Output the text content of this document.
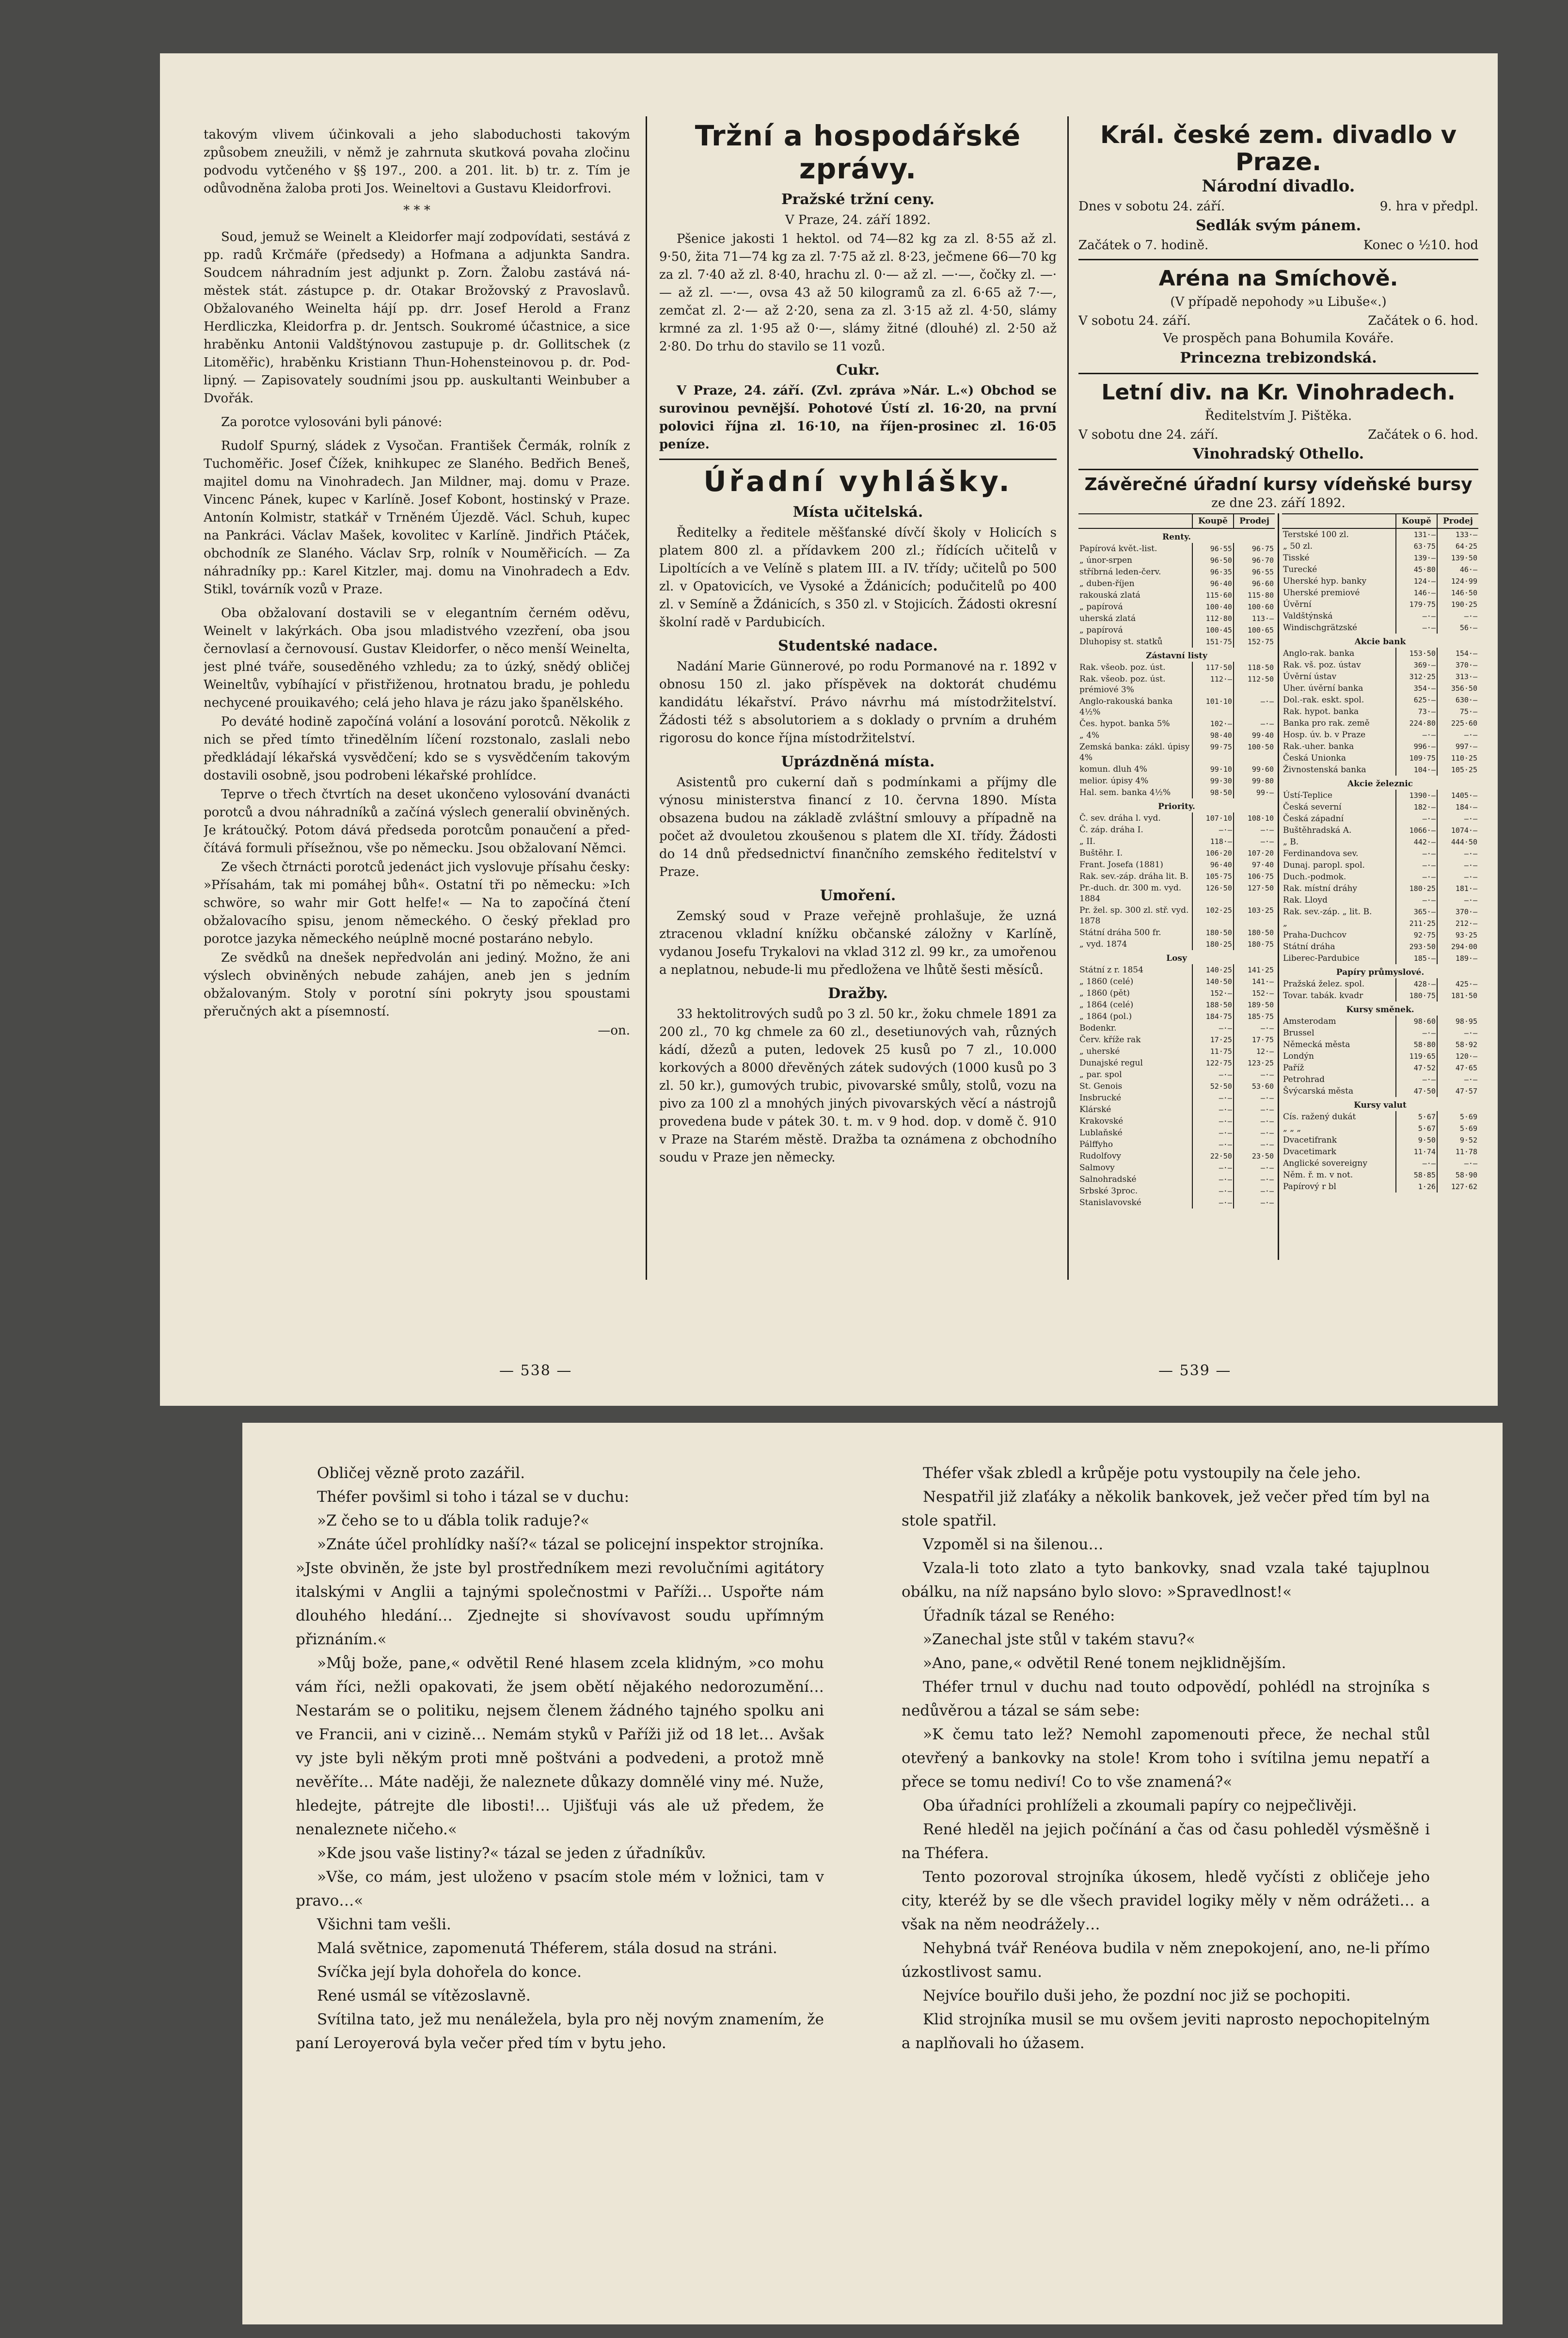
takovým vlivem účinkovali a jeho slaboduchosti takovým způsobem zneužili, v němž je zahrnuta skutková povaha zločinu podvodu vytčeného v §§ 197., 200. a 201. lit. b) tr. z. Tím je odůvodněna žaloba proti Jos. Weineltovi a Gustavu Kleidorfrovi.

* * *

Soud, jemuž se Weinelt a Kleidorfer mají zodpovídati, sestává z pp. radů Krčmáře (předsedy) a Hofmana a adjunkta Sandra. Soudcem náhradním jest adjunkt p. Zorn. Žalobu zastává náměstek stát. zástupce p. dr. Otakar Brožovský z Pravoslavů. Obžalovaného Weinelta hájí pp. drr. Josef Herold a Franz Herdliczka, Kleidorfra p. dr. Jentsch. Soukromé účastnice, a sice hraběnku Antonii Valdštýnovou zastupuje p. dr. Gollitschek (z Litoměřic), hraběnku Kristiann Thun-Hohensteinovou p. dr. Podlipný. — Zapisovately soudními jsou pp. auskultanti Weinbuber a Dvořák.

Za porotce vylosováni byli pánové:

Rudolf Spurný, sládek z Vysočan. František Čermák, rolník z Tuchoměřic. Josef Čížek, knihkupec ze Slaného. Bedřich Beneš, majitel domu na Vinohradech. Jan Mildner, maj. domu v Praze. Vincenc Pánek, kupec v Karlíně. Josef Kobont, hostinský v Praze. Antonín Kolmistr, statkář v Trněném Újezdě. Václ. Schuh, kupec na Pankráci. Václav Mašek, kovolitec v Karlíně. Jindřich Ptáček, obchodník ze Slaného. Václav Srp, rolník v Nouměřicích. — Za náhradníky pp.: Karel Kitzler, maj. domu na Vinohradech a Edv. Stikl, továrník vozů v Praze.

Oba obžalovaní dostavili se v elegantním černém oděvu, Weinelt v lakýrkách. Oba jsou mladistvého vzezření, oba jsou černovlasí a černovousí. Gustav Kleidorfer, o něco menší Weinelta, jest plné tváře, souseděného vzhledu; za to úzký, snědý obličej Weineltův, vybíhající v přistřiženou, hrotnatou bradu, je pohledu nechycené prouikavého; celá jeho hlava je rázu jako španělského.

Po deváté hodině započíná volání a losování porotců. Několik z nich se před tímto třinedělním líčení rozstonalo, zaslali nebo předkládají lékařská vysvědčení; kdo se s vysvědčením takovým dostavili osobně, jsou podrobeni lékařské prohlídce.

Teprve o třech čtvrtích na deset ukončeno vylosování dvanácti porotců a dvou náhradníků a začíná výslech generalií obviněných. Je krátoučký. Potom dává předseda porotcům ponaučení a předčítává formuli přísežnou, vše po německu. Jsou obžalovaní Němci.

Ze všech čtrnácti porotců jedenáct jich vyslovuje přísahu česky: »Přísahám, tak mi pomáhej bůh«. Ostatní tři po německu: »Ich schwöre, so wahr mir Gott helfe!« — Na to započíná čtení obžalovacího spisu, jenom německého. O český překlad pro porotce jazyka německého neúplně mocné postaráno nebylo.

Ze svědků na dnešek nepředvolán ani jediný. Možno, že ani výslech obviněných nebude zahájen, aneb jen s jedním obžalovaným. Stoly v porotní síni pokryty jsou spoustami přeručných akt a písemností.

—on.

Tržní a hospodářské zprávy.
Pražské tržní ceny.

V Praze, 24. září 1892.

Pšenice jakosti 1 hektol. od 74—82 kg za zl. 8·55 až zl. 9·50, žita 71—74 kg za zl. 7·75 až zl. 8·23, ječmene 66—70 kg za zl. 7·40 až zl. 8·40, hrachu zl. 0·— až zl. —·—, čočky zl. —·— až zl. —·—, ovsa 43 až 50 kilogramů za zl. 6·65 až 7·—, zemčat zl. 2·— až 2·20, sena za zl. 3·15 až zl. 4·50, slámy krmné za zl. 1·95 až 0·—, slámy žitné (dlouhé) zl. 2·50 až 2·80. Do trhu do stavilo se 11 vozů.

Cukr.

V Praze, 24. září. (Zvl. zpráva »Nár. L.«) Obchod se surovinou pevnější. Pohotové Ústí zl. 16·20, na první polovici října zl. 16·10, na říjen-prosinec zl. 16·05 peníze.

Úřadní vyhlášky.
Místa učitelská.

Ředitelky a ředitele měšťanské dívčí školy v Holicích s platem 800 zl. a přídavkem 200 zl.; řídících učitelů v Lipoltících a ve Velíně s platem III. a IV. třídy; učitelů po 500 zl. v Opatovicích, ve Vysoké a Ždánicích; podučitelů po 400 zl. v Semíně a Ždánicích, s 350 zl. v Stojicích. Žádosti okresní školní radě v Pardubicích.

Studentské nadace.

Nadání Marie Günnerové, po rodu Pormanové na r. 1892 v obnosu 150 zl. jako příspěvek na doktorát chudému kandidátu lékařství. Právo návrhu má místodržitelství. Žádosti též s absolutoriem a s doklady o prvním a druhém rigorosu do konce října místodržitelství.

Uprázdněná místa.

Asistentů pro cukerní daň s podmínkami a příjmy dle výnosu ministerstva financí z 10. června 1890. Místa obsazena budou na základě zvláštní smlouvy a případně na počet až dvouletou zkoušenou s platem dle XI. třídy. Žádosti do 14 dnů předsednictví finančního zemského ředitelství v Praze.

Umoření.

Zemský soud v Praze veřejně prohlašuje, že uzná ztracenou vkladní knížku občanské záložny v Karlíně, vydanou Josefu Trykalovi na vklad 312 zl. 99 kr., za umořenou a neplatnou, nebude-li mu předložena ve lhůtě šesti měsíců.

Dražby.

33 hektolitrových sudů po 3 zl. 50 kr., žoku chmele 1891 za 200 zl., 70 kg chmele za 60 zl., desetiunových vah, různých kádí, džezů a puten, ledovek 25 kusů po 7 zl., 10.000 korkových a 8000 dřevěných zátek sudových (1000 kusů po 3 zl. 50 kr.), gumových trubic, pivovarské smůly, stolů, vozu na pivo za 100 zl a mnohých jiných pivovarských věcí a nástrojů provedena bude v pátek 30. t. m. v 9 hod. dop. v domě č. 910 v Praze na Starém městě. Dražba ta oznámena z obchodního soudu v Praze jen německy.

Král. české zem. divadlo v Praze.
Národní divadlo.
Dnes v sobotu 24. září.	9. hra v předpl.
Sedlák svým pánem.
Začátek o 7. hodině.	Konec o ½10. hod
Aréna na Smíchově.

(V případě nepohody »u Libuše«.)

V sobotu 24. září.	Začátek o 6. hod.

Ve prospěch pana Bohumila Kováře.

Princezna trebizondská.
Letní div. na Kr. Vinohradech.

Ředitelstvím J. Pištěka.

V sobotu dne 24. září.	Začátek o 6. hod.
Vinohradský Othello.
Závěrečné úřadní kursy vídeňské bursy

ze dne 23. září 1892.

	Koupě	Prodej
Renty.		
Papírová květ.-list.	96·55	96·75
„ únor-srpen	96·50	96·70
stříbrná leden-červ.	96·35	96·55
„ duben-říjen	96·40	96·60
rakouská zlatá	115·60	115·80
„ papírová	100·40	100·60
uherská zlatá	112·80	113·—
„ papírová	100·45	100·65
Dluhopisy st. statků	151·75	152·75
Zástavní listy		
Rak. všeob. poz. úst.	117·50	118·50
Rak. všeob. poz. úst. prémiové 3%	112·—	112·50
Anglo-rakouská banka 4½%	101·10	—·—
Čes. hypot. banka 5%	102·—	—·—
„ 4%	98·40	99·40
Zemská banka: zákl. úpisy 4%	99·75	100·50
komun. dluh 4%	99·10	99·60
melior. úpisy 4%	99·30	99·80
Hal. sem. banka 4½%	98·50	99·—
Priority.		
Č. sev. dráha l. vyd.	107·10	108·10
Č. záp. dráha I.	—·—	—·—
„ II.	118·—	—·—
Buštěhr. I.	106·20	107·20
Frant. Josefa (1881)	96·40	97·40
Rak. sev.-záp. dráha lit. B.	105·75	106·75
Pr.-duch. dr. 300 m. vyd. 1884	126·50	127·50
Pr. žel. sp. 300 zl. stř. vyd. 1878	102·25	103·25
Státní dráha 500 fr.	180·50	180·50
„ vyd. 1874	180·25	180·75
Losy		
Státní z r. 1854	140·25	141·25
„ 1860 (celé)	140·50	141·—
„ 1860 (pět)	152·—	152·—
„ 1864 (celé)	188·50	189·50
„ 1864 (pol.)	184·75	185·75
Bodenkr.	—·—	—·—
Červ. kříže rak	17·25	17·75
„ uherské	11·75	12·—
Dunajské regul	122·75	123·25
„ par. spol	—·—	—·—
St. Genois	52·50	53·60
Insbrucké	—·—	—·—
Klárské	—·—	—·—
Krakovské	—·—	—·—
Lublaňské	—·—	—·—
Pálffyho	—·—	—·—
Rudolfovy	22·50	23·50
Salmovy	—·—	—·—
Salnohradské	—·—	—·—
Srbské 3proc.	—·—	—·—
Stanislavovské	—·—	—·—
	Koupě	Prodej
Terstské 100 zl.	131·—	133·—
„ 50 zl.	63·75	64·25
Tisské	139·—	139·50
Turecké	45·80	46·—
Uherské hyp. banky	124·—	124·99
Uherské premiové	146·—	146·50
Úvěrní	179·75	190·25
Valdštýnská	—·—	—·—
Windischgrätzské	—·—	56·—
Akcie bank		
Anglo-rak. banka	153·50	154·—
Rak. vš. poz. ústav	369·—	370·—
Úvěrní ústav	312·25	313·—
Uher. úvěrní banka	354·—	356·50
Dol.-rak. eskt. spol.	625·—	630·—
Rak. hypot. banka	73·—	75·—
Banka pro rak. země	224·80	225·60
Hosp. úv. b. v Praze	—·—	—·—
Rak.-uher. banka	996·—	997·—
Česká Unionka	109·75	110·25
Živnostenská banka	104·—	105·25
Akcie železnic		
Ústí-Teplice	1390·—	1405·—
Česká severní	182·—	184·—
Česká západní	—·—	—·—
Buštěhradská A.	1066·—	1074·—
„ B.	442·—	444·50
Ferdinandova sev.	—·—	—·—
Dunaj. paropl. spol.	—·—	—·—
Duch.-podmok.	—·—	—·—
Rak. místní dráhy	180·25	181·—
Rak. Lloyd	—·—	—·—
Rak. sev.-záp. „ lit. B.	365·—	370·—
„	211·25	212·—
Praha-Duchcov	92·75	93·25
Státní dráha	293·50	294·00
Liberec-Pardubice	185·—	189·—
Papíry průmyslové.		
Pražská želez. spol.	428·—	425·—
Tovar. tabák. kvadr	180·75	181·50
Kursy směnek.		
Amsterodam	98·60	98·95
Brussel	—·—	—·—
Německá města	58·80	58·92
Londýn	119·65	120·—
Paříž	47·52	47·65
Petrohrad	—·—	—·—
Švýcarská města	47·50	47·57
Kursy valut		
Cís. ražený dukát	5·67	5·69
„ „ „	5·67	5·69
Dvacetifrank	9·50	9·52
Dvacetimark	11·74	11·78
Anglické sovereigny	—·—	—·—
Něm. ř. m. v not.	58·85	58·90
Papírový r bl	1·26	127·62
— 538 —	— 539 —

Obličej vězně proto zazářil.

Théfer povšiml si toho i tázal se v duchu:

»Z čeho se to u ďábla tolik raduje?«

»Znáte účel prohlídky naší?« tázal se policejní inspektor strojníka. »Jste obviněn, že jste byl prostředníkem mezi revolučními agitátory italskými v Anglii a tajnými společnostmi v Paříži… Uspořte nám dlouhého hledání… Zjednejte si shovívavost soudu upřímným přiznáním.«

»Můj bože, pane,« odvětil René hlasem zcela klidným, »co mohu vám říci, nežli opakovati, že jsem obětí nějakého nedorozumění… Nestarám se o politiku, nejsem členem žádného tajného spolku ani ve Francii, ani v cizině… Nemám styků v Paříži již od 18 let… Avšak vy jste byli někým proti mně poštváni a podvedeni, a protož mně nevěříte… Máte naději, že naleznete důkazy domnělé viny mé. Nuže, hledejte, pátrejte dle libosti!… Ujišťuji vás ale už předem, že nenaleznete ničeho.«

»Kde jsou vaše listiny?« tázal se jeden z úřadníkův.

»Vše, co mám, jest uloženo v psacím stole mém v ložnici, tam v pravo…«

Všichni tam vešli.

Malá světnice, zapomenutá Théferem, stála dosud na stráni.

Svíčka její byla dohořela do konce.

René usmál se vítězoslavně.

Svítilna tato, jež mu nenáležela, byla pro něj novým znamením, že paní Leroyerová byla večer před tím v bytu jeho.

Théfer však zbledl a krůpěje potu vystoupily na čele jeho.

Nespatřil již zlaťáky a několik bankovek, jež večer před tím byl na stole spatřil.

Vzpoměl si na šilenou…

Vzala-li toto zlato a tyto bankovky, snad vzala také tajuplnou obálku, na níž napsáno bylo slovo: »Spravedlnost!«

Úřadník tázal se Reného:

»Zanechal jste stůl v takém stavu?«

»Ano, pane,« odvětil René tonem nejklidnějším.

Théfer trnul v duchu nad touto odpovědí, pohlédl na strojníka s nedůvěrou a tázal se sám sebe:

»K čemu tato lež? Nemohl zapomenouti přece, že nechal stůl otevřený a bankovky na stole! Krom toho i svítilna jemu nepatří a přece se tomu nediví! Co to vše znamená?«

Oba úřadníci prohlíželi a zkoumali papíry co nejpečlivěji.

René hleděl na jejich počínání a čas od času pohleděl výsměšně i na Théfera.

Tento pozoroval strojníka úkosem, hledě vyčísti z obličeje jeho city, kteréž by se dle všech pravidel logiky měly v něm odrážeti… a však na něm neodrážely…

Nehybná tvář Renéova budila v něm znepokojení, ano, ne-li přímo úzkostlivost samu.

Nejvíce bouřilo duši jeho, že pozdní noc již se pochopiti.

Klid strojníka musil se mu ovšem jeviti naprosto nepochopitelným a naplňovali ho úžasem.
